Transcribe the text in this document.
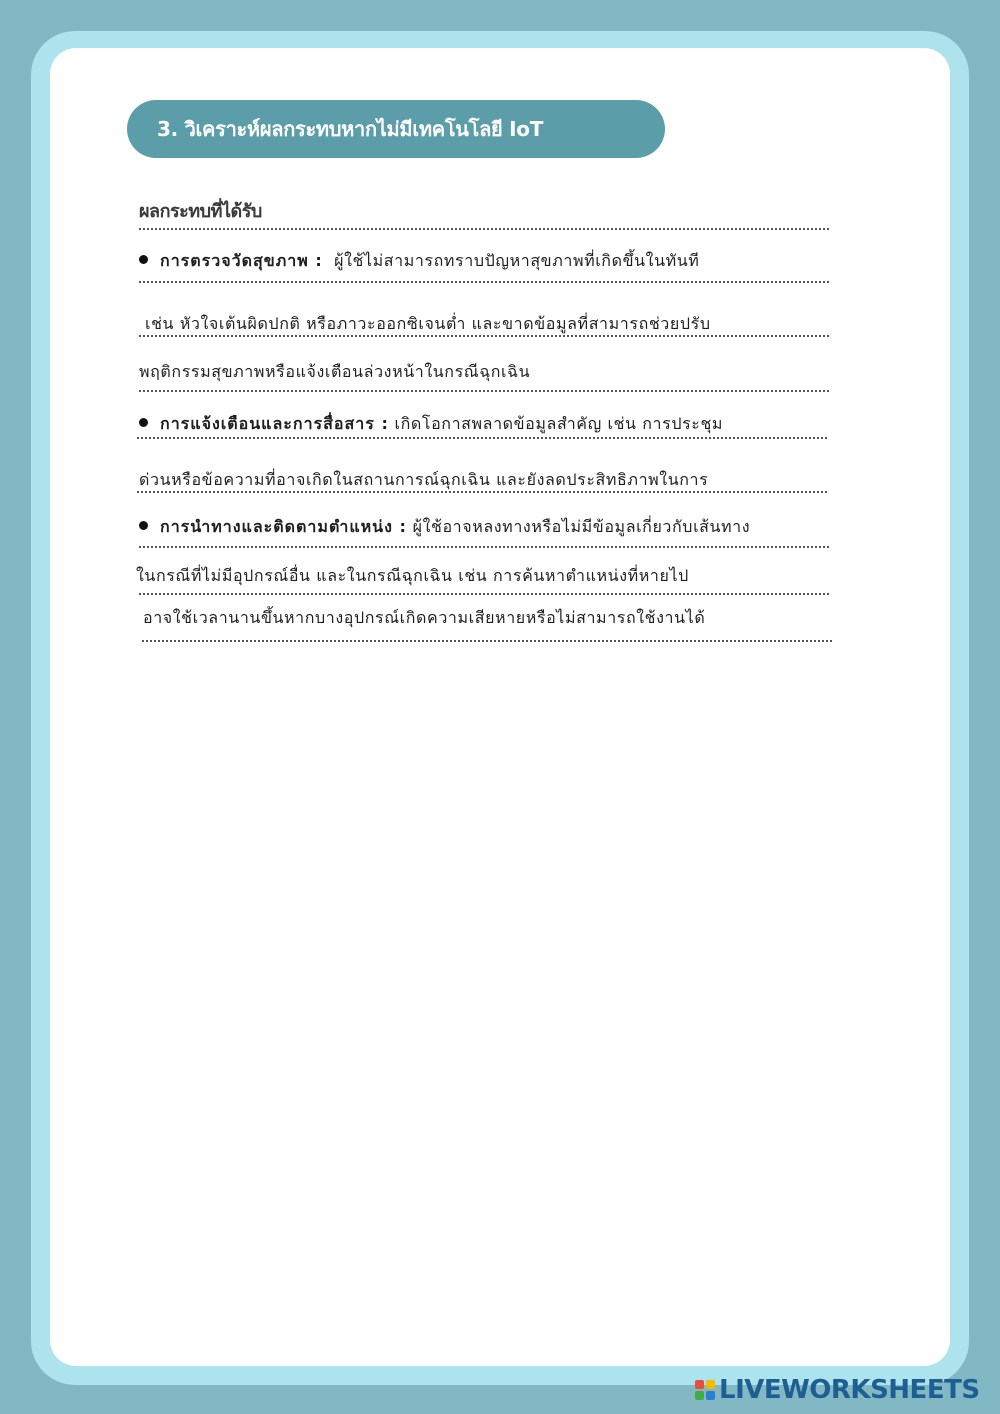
3. วิเคราะห์ผลกระทบหากไม่มีเทคโนโลยี IoT
ผลกระทบที่ได้รับ
การตรวจวัดสุขภาพ : ผู้ใช้ไม่สามารถทราบปัญหาสุขภาพที่เกิดขึ้นในทันที
เช่น หัวใจเต้นผิดปกติ หรือภาวะออกซิเจนต่ำ และขาดข้อมูลที่สามารถช่วยปรับ
พฤติกรรมสุขภาพหรือแจ้งเตือนล่วงหน้าในกรณีฉุกเฉิน
การแจ้งเตือนและการสื่อสาร : เกิดโอกาสพลาดข้อมูลสำคัญ เช่น การประชุม
ด่วนหรือข้อความที่อาจเกิดในสถานการณ์ฉุกเฉิน และยังลดประสิทธิภาพในการ
การนำทางและติดตามตำแหน่ง : ผู้ใช้อาจหลงทางหรือไม่มีข้อมูลเกี่ยวกับเส้นทาง
ในกรณีที่ไม่มีอุปกรณ์อื่น และในกรณีฉุกเฉิน เช่น การค้นหาตำแหน่งที่หายไป
อาจใช้เวลานานขึ้นหากบางอุปกรณ์เกิดความเสียหายหรือไม่สามารถใช้งานได้
LIVEWORKSHEETS
